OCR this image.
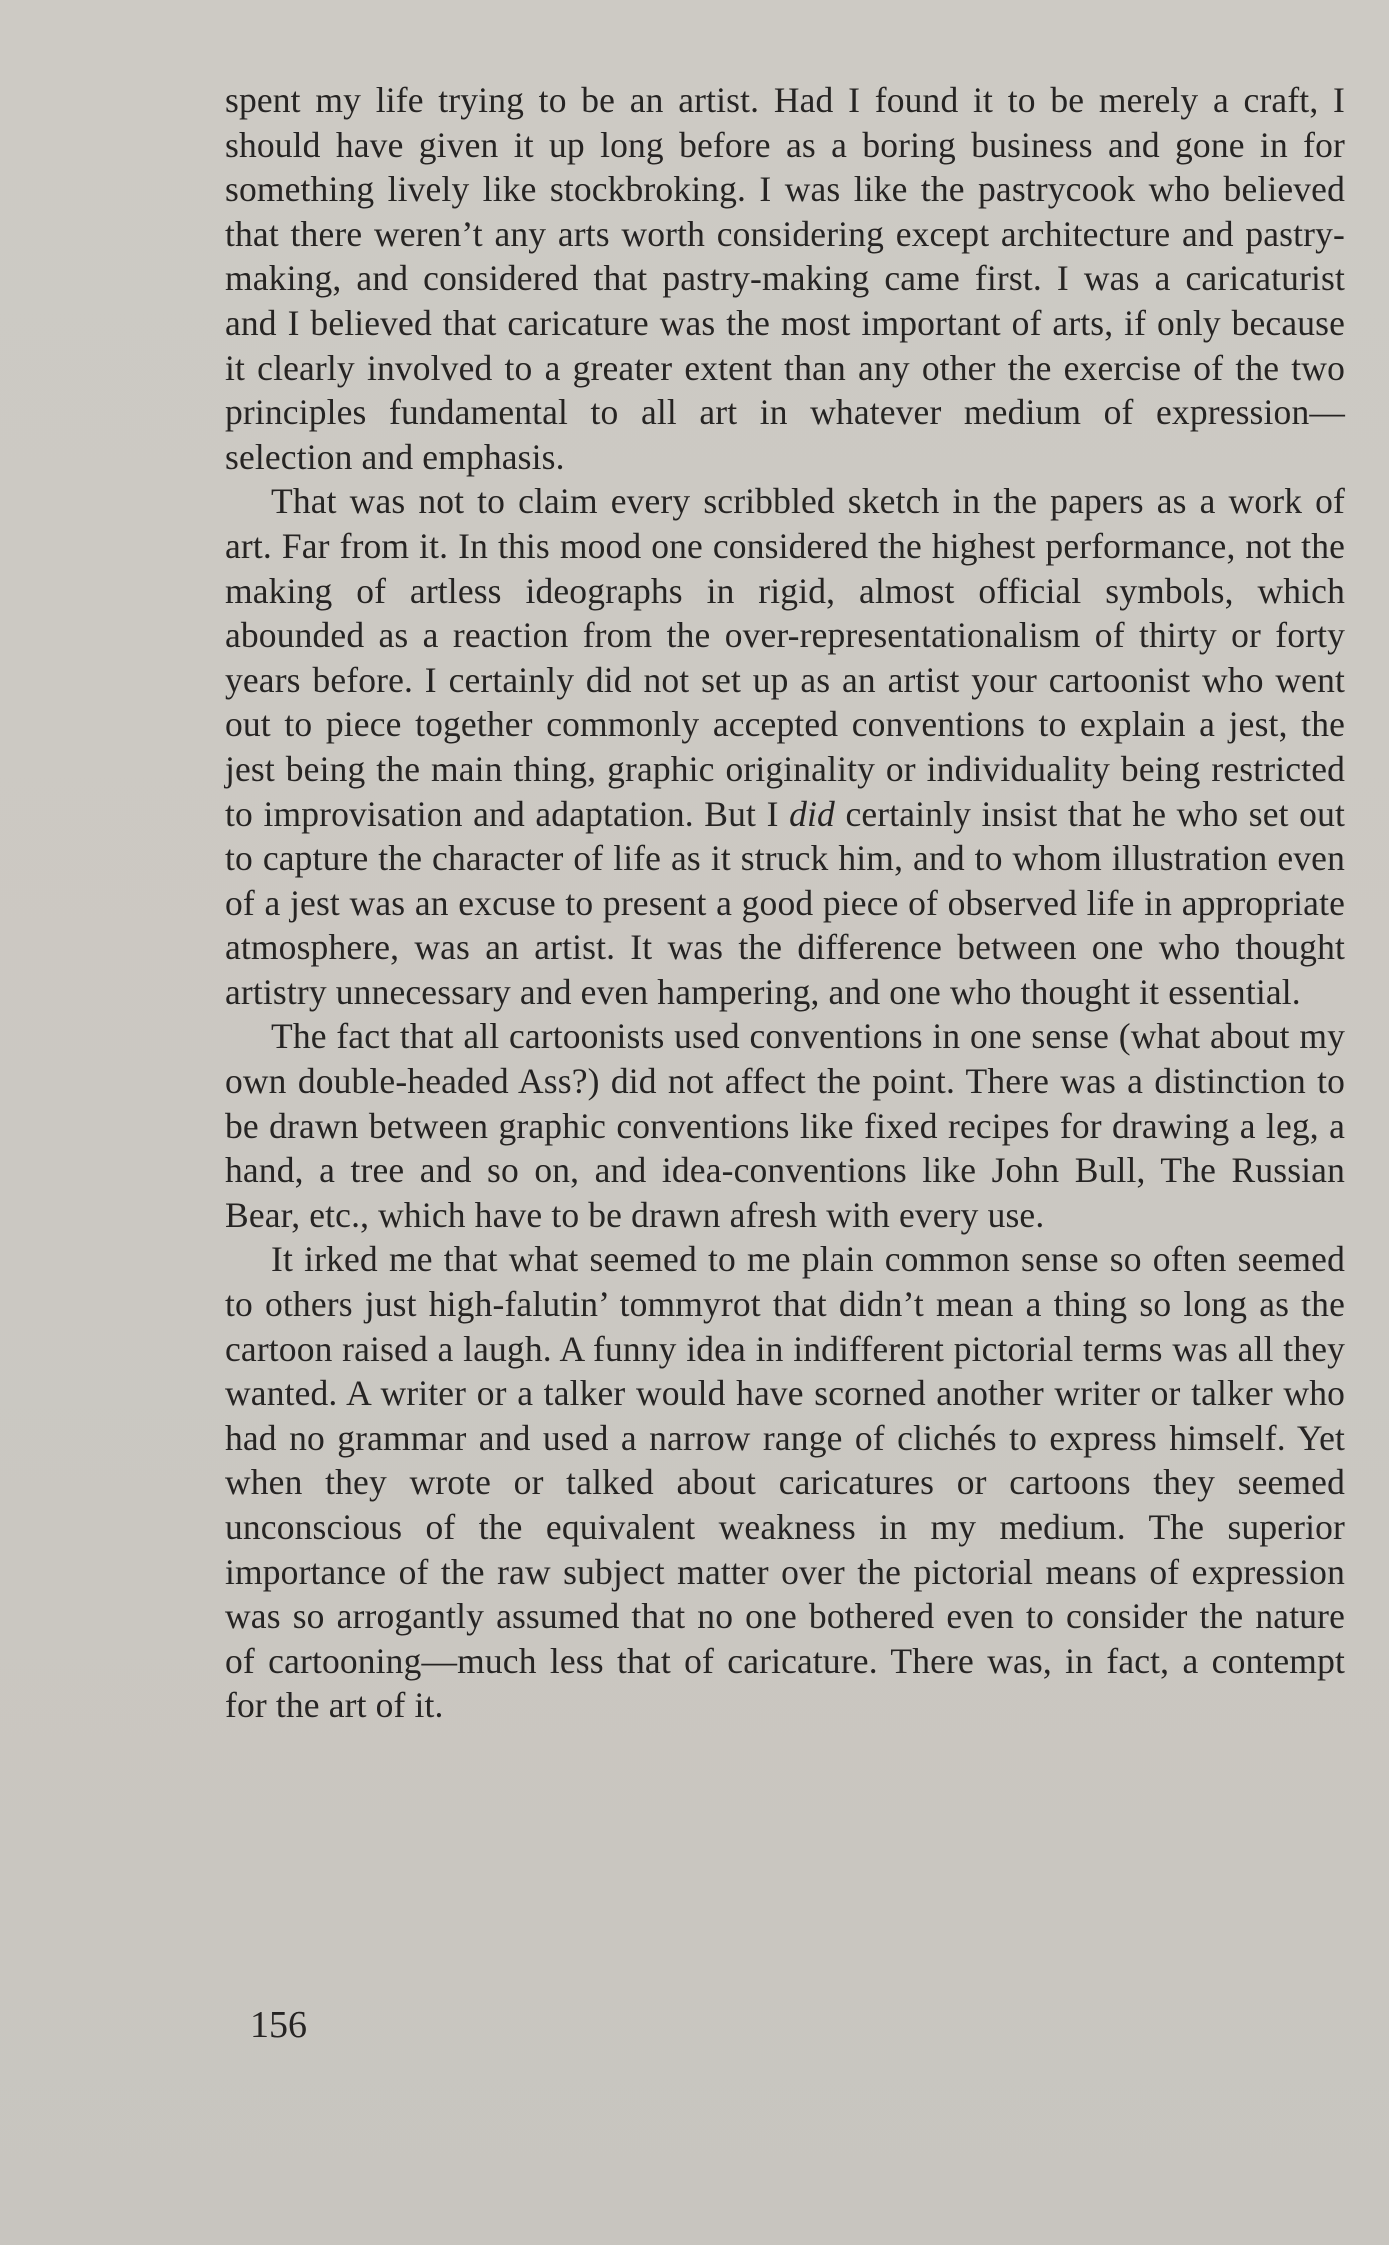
spent my life trying to be an artist. Had I found it to be merely a craft, I should have given it up long before as a boring business and gone in for something lively like stockbroking. I was like the pastrycook who believed that there weren’t any arts worth considering except architecture and pastry-making, and considered that pastry-making came first. I was a caricaturist and I believed that caricature was the most important of arts, if only because it clearly involved to a greater extent than any other the exercise of the two principles fundamental to all art in whatever medium of expression—selection and emphasis.

That was not to claim every scribbled sketch in the papers as a work of art. Far from it. In this mood one considered the highest performance, not the making of artless ideographs in rigid, almost official symbols, which abounded as a reaction from the over-representationalism of thirty or forty years before. I certainly did not set up as an artist your cartoonist who went out to piece together commonly accepted conventions to explain a jest, the jest being the main thing, graphic originality or individuality being restricted to improvisation and adaptation. But I did certainly insist that he who set out to capture the character of life as it struck him, and to whom illustration even of a jest was an excuse to present a good piece of observed life in appropriate atmosphere, was an artist. It was the difference between one who thought artistry unnecessary and even hampering, and one who thought it essential.

The fact that all cartoonists used conventions in one sense (what about my own double-headed Ass?) did not affect the point. There was a distinction to be drawn between graphic conventions like fixed recipes for drawing a leg, a hand, a tree and so on, and idea-conventions like John Bull, The Russian Bear, etc., which have to be drawn afresh with every use.

It irked me that what seemed to me plain common sense so often seemed to others just high-falutin’ tommyrot that didn’t mean a thing so long as the cartoon raised a laugh. A funny idea in indifferent pictorial terms was all they wanted. A writer or a talker would have scorned another writer or talker who had no grammar and used a narrow range of clichés to express himself. Yet when they wrote or talked about caricatures or cartoons they seemed unconscious of the equivalent weakness in my medium. The superior importance of the raw subject matter over the pictorial means of expression was so arrogantly assumed that no one bothered even to consider the nature of cartooning—much less that of caricature. There was, in fact, a contempt for the art of it.

156
